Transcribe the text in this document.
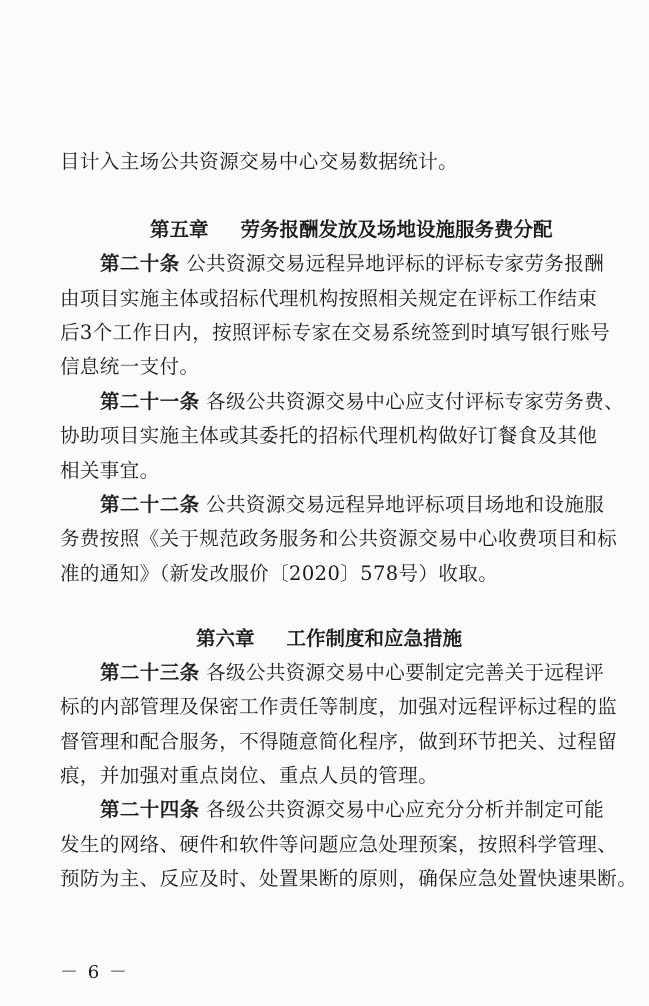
目计入主场公共资源交易中心交易数据统计。
第五章 劳务报酬发放及场地设施服务费分配
第二十条 公共资源交易远程异地评标的评标专家劳务报酬
由项目实施主体或招标代理机构按照相关规定在评标工作结束
后3个工作日内，按照评标专家在交易系统签到时填写银行账号
信息统一支付。
第二十一条 各级公共资源交易中心应支付评标专家劳务费、
协助项目实施主体或其委托的招标代理机构做好订餐食及其他
相关事宜。
第二十二条 公共资源交易远程异地评标项目场地和设施服
务费按照《关于规范政务服务和公共资源交易中心收费项目和标
准的通知》（新发改服价〔2020〕578号）收取。
第六章 工作制度和应急措施
第二十三条 各级公共资源交易中心要制定完善关于远程评
标的内部管理及保密工作责任等制度，加强对远程评标过程的监
督管理和配合服务，不得随意简化程序，做到环节把关、过程留
痕，并加强对重点岗位、重点人员的管理。
第二十四条 各级公共资源交易中心应充分分析并制定可能
发生的网络、硬件和软件等问题应急处理预案，按照科学管理、
预防为主、反应及时、处置果断的原则，确保应急处置快速果断。
－ 6 －
